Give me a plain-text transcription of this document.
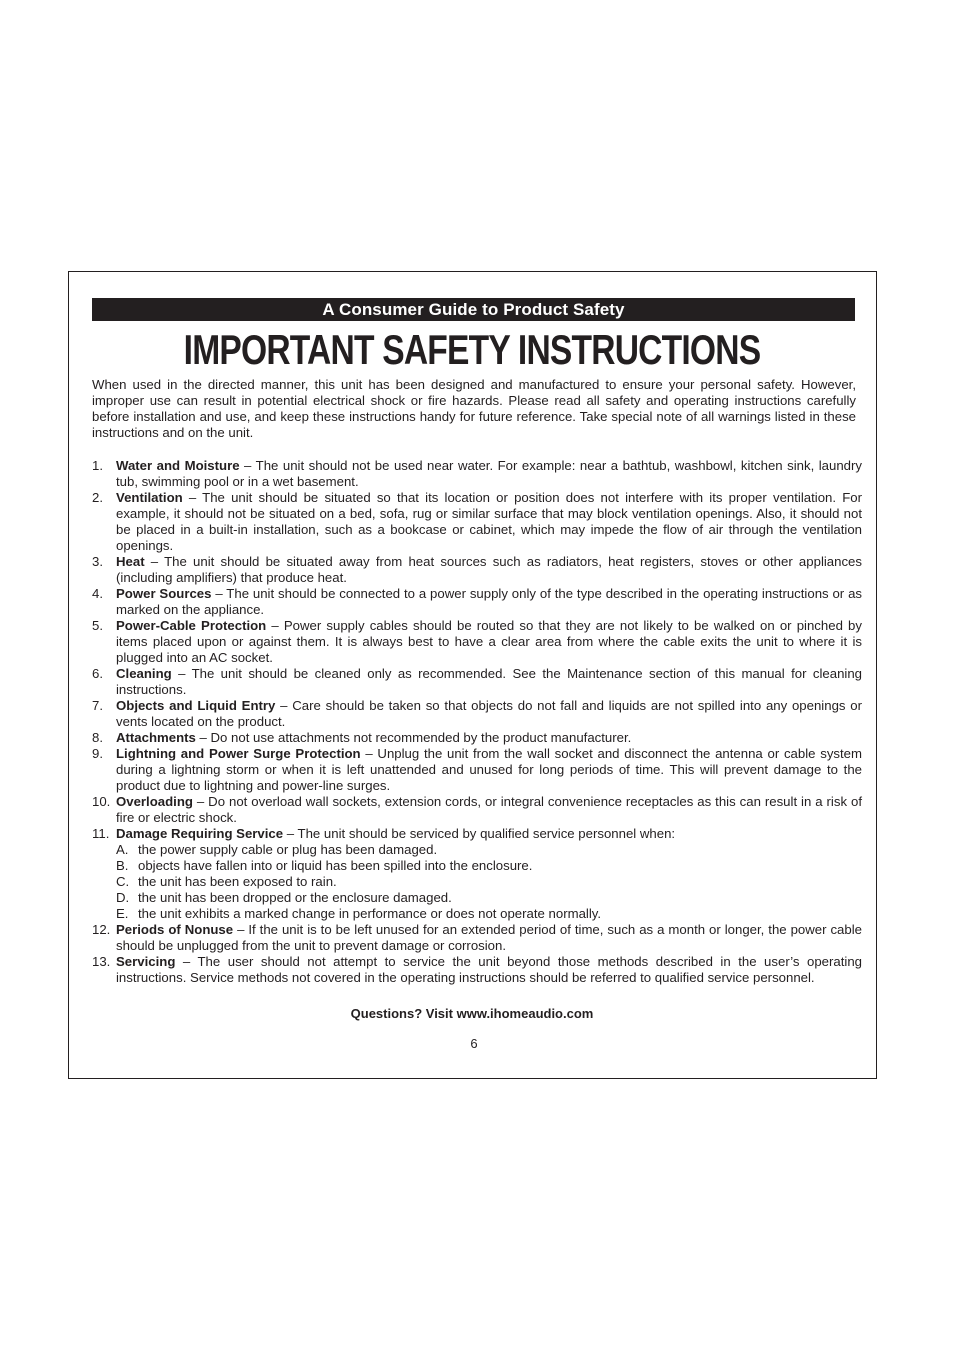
A Consumer Guide to Product Safety
IMPORTANT SAFETY INSTRUCTIONS

When used in the directed manner, this unit has been designed and manufactured to ensure your personal safety. However, improper use can result in potential electrical shock or fire hazards. Please read all safety and operating instructions carefully before installation and use, and keep these instructions handy for future reference. Take special note of all warnings listed in these instructions and on the unit.

1. Water and Moisture – The unit should not be used near water. For example: near a bathtub, washbowl, kitchen sink, laundry tub, swimming pool or in a wet basement.
2. Ventilation – The unit should be situated so that its location or position does not interfere with its proper ventilation. For example, it should not be situated on a bed, sofa, rug or similar surface that may block ventilation openings. Also, it should not be placed in a built-in installation, such as a bookcase or cabinet, which may impede the flow of air through the ventilation openings.
3. Heat – The unit should be situated away from heat sources such as radiators, heat registers, stoves or other appliances (including amplifiers) that produce heat.
4. Power Sources – The unit should be connected to a power supply only of the type described in the operating instructions or as marked on the appliance.
5. Power-Cable Protection – Power supply cables should be routed so that they are not likely to be walked on or pinched by items placed upon or against them. It is always best to have a clear area from where the cable exits the unit to where it is plugged into an AC socket.
6. Cleaning – The unit should be cleaned only as recommended. See the Maintenance section of this manual for cleaning instructions.
7. Objects and Liquid Entry – Care should be taken so that objects do not fall and liquids are not spilled into any openings or vents located on the product.
8. Attachments – Do not use attachments not recommended by the product manufacturer.
9. Lightning and Power Surge Protection – Unplug the unit from the wall socket and disconnect the antenna or cable system during a lightning storm or when it is left unattended and unused for long periods of time. This will prevent damage to the product due to lightning and power-line surges.
10. Overloading – Do not overload wall sockets, extension cords, or integral convenience receptacles as this can result in a risk of fire or electric shock.
11. Damage Requiring Service – The unit should be serviced by qualified service personnel when:
A. the power supply cable or plug has been damaged.
B. objects have fallen into or liquid has been spilled into the enclosure.
C. the unit has been exposed to rain.
D. the unit has been dropped or the enclosure damaged.
E. the unit exhibits a marked change in performance or does not operate normally.
12. Periods of Nonuse – If the unit is to be left unused for an extended period of time, such as a month or longer, the power cable should be unplugged from the unit to prevent damage or corrosion.
13. Servicing – The user should not attempt to service the unit beyond those methods described in the user’s operating instructions. Service methods not covered in the operating instructions should be referred to qualified service personnel.
Questions? Visit www.ihomeaudio.com
6
